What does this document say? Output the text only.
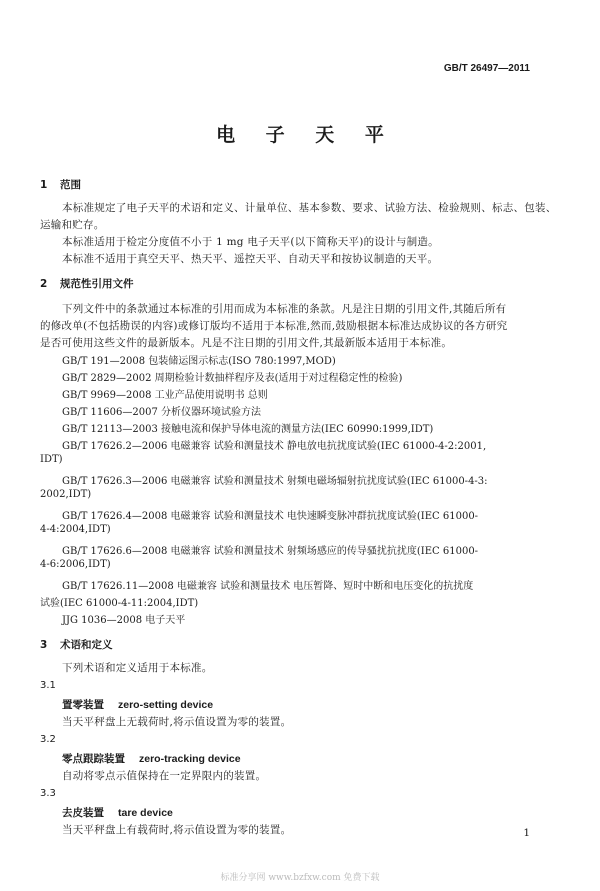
GB/T 26497—2011
电 子 天 平
1 范围
本标准规定了电子天平的术语和定义、计量单位、基本参数、要求、试验方法、检验规则、标志、包装、
运输和贮存。
本标准适用于检定分度值不小于 1 mg 电子天平(以下简称天平)的设计与制造。
本标准不适用于真空天平、热天平、遥控天平、自动天平和按协议制造的天平。
2 规范性引用文件
下列文件中的条款通过本标准的引用而成为本标准的条款。凡是注日期的引用文件,其随后所有
的修改单(不包括勘误的内容)或修订版均不适用于本标准,然而,鼓励根据本标准达成协议的各方研究
是否可使用这些文件的最新版本。凡是不注日期的引用文件,其最新版本适用于本标准。
GB/T 191—2008 包装储运图示标志(ISO 780:1997,MOD)
GB/T 2829—2002 周期检验计数抽样程序及表(适用于对过程稳定性的检验)
GB/T 9969—2008 工业产品使用说明书 总则
GB/T 11606—2007 分析仪器环境试验方法
GB/T 12113—2003 接触电流和保护导体电流的测量方法(IEC 60990:1999,IDT)
GB/T 17626.2—2006 电磁兼容 试验和测量技术 静电放电抗扰度试验(IEC 61000-4-2:2001,
IDT)
GB/T 17626.3—2006 电磁兼容 试验和测量技术 射频电磁场辐射抗扰度试验(IEC 61000-4-3:
2002,IDT)
GB/T 17626.4—2008 电磁兼容 试验和测量技术 电快速瞬变脉冲群抗扰度试验(IEC 61000-
4-4:2004,IDT)
GB/T 17626.6—2008 电磁兼容 试验和测量技术 射频场感应的传导骚扰抗扰度(IEC 61000-
4-6:2006,IDT)
GB/T 17626.11—2008 电磁兼容 试验和测量技术 电压暂降、短时中断和电压变化的抗扰度
试验(IEC 61000-4-11:2004,IDT)
JJG 1036—2008 电子天平
3 术语和定义
下列术语和定义适用于本标准。
3.1
置零装置 zero-setting device
当天平秤盘上无载荷时,将示值设置为零的装置。
3.2
零点跟踪装置 zero-tracking device
自动将零点示值保持在一定界限内的装置。
3.3
去皮装置 tare device
当天平秤盘上有载荷时,将示值设置为零的装置。	1
标准分享网 www.bzfxw.com 免费下载
